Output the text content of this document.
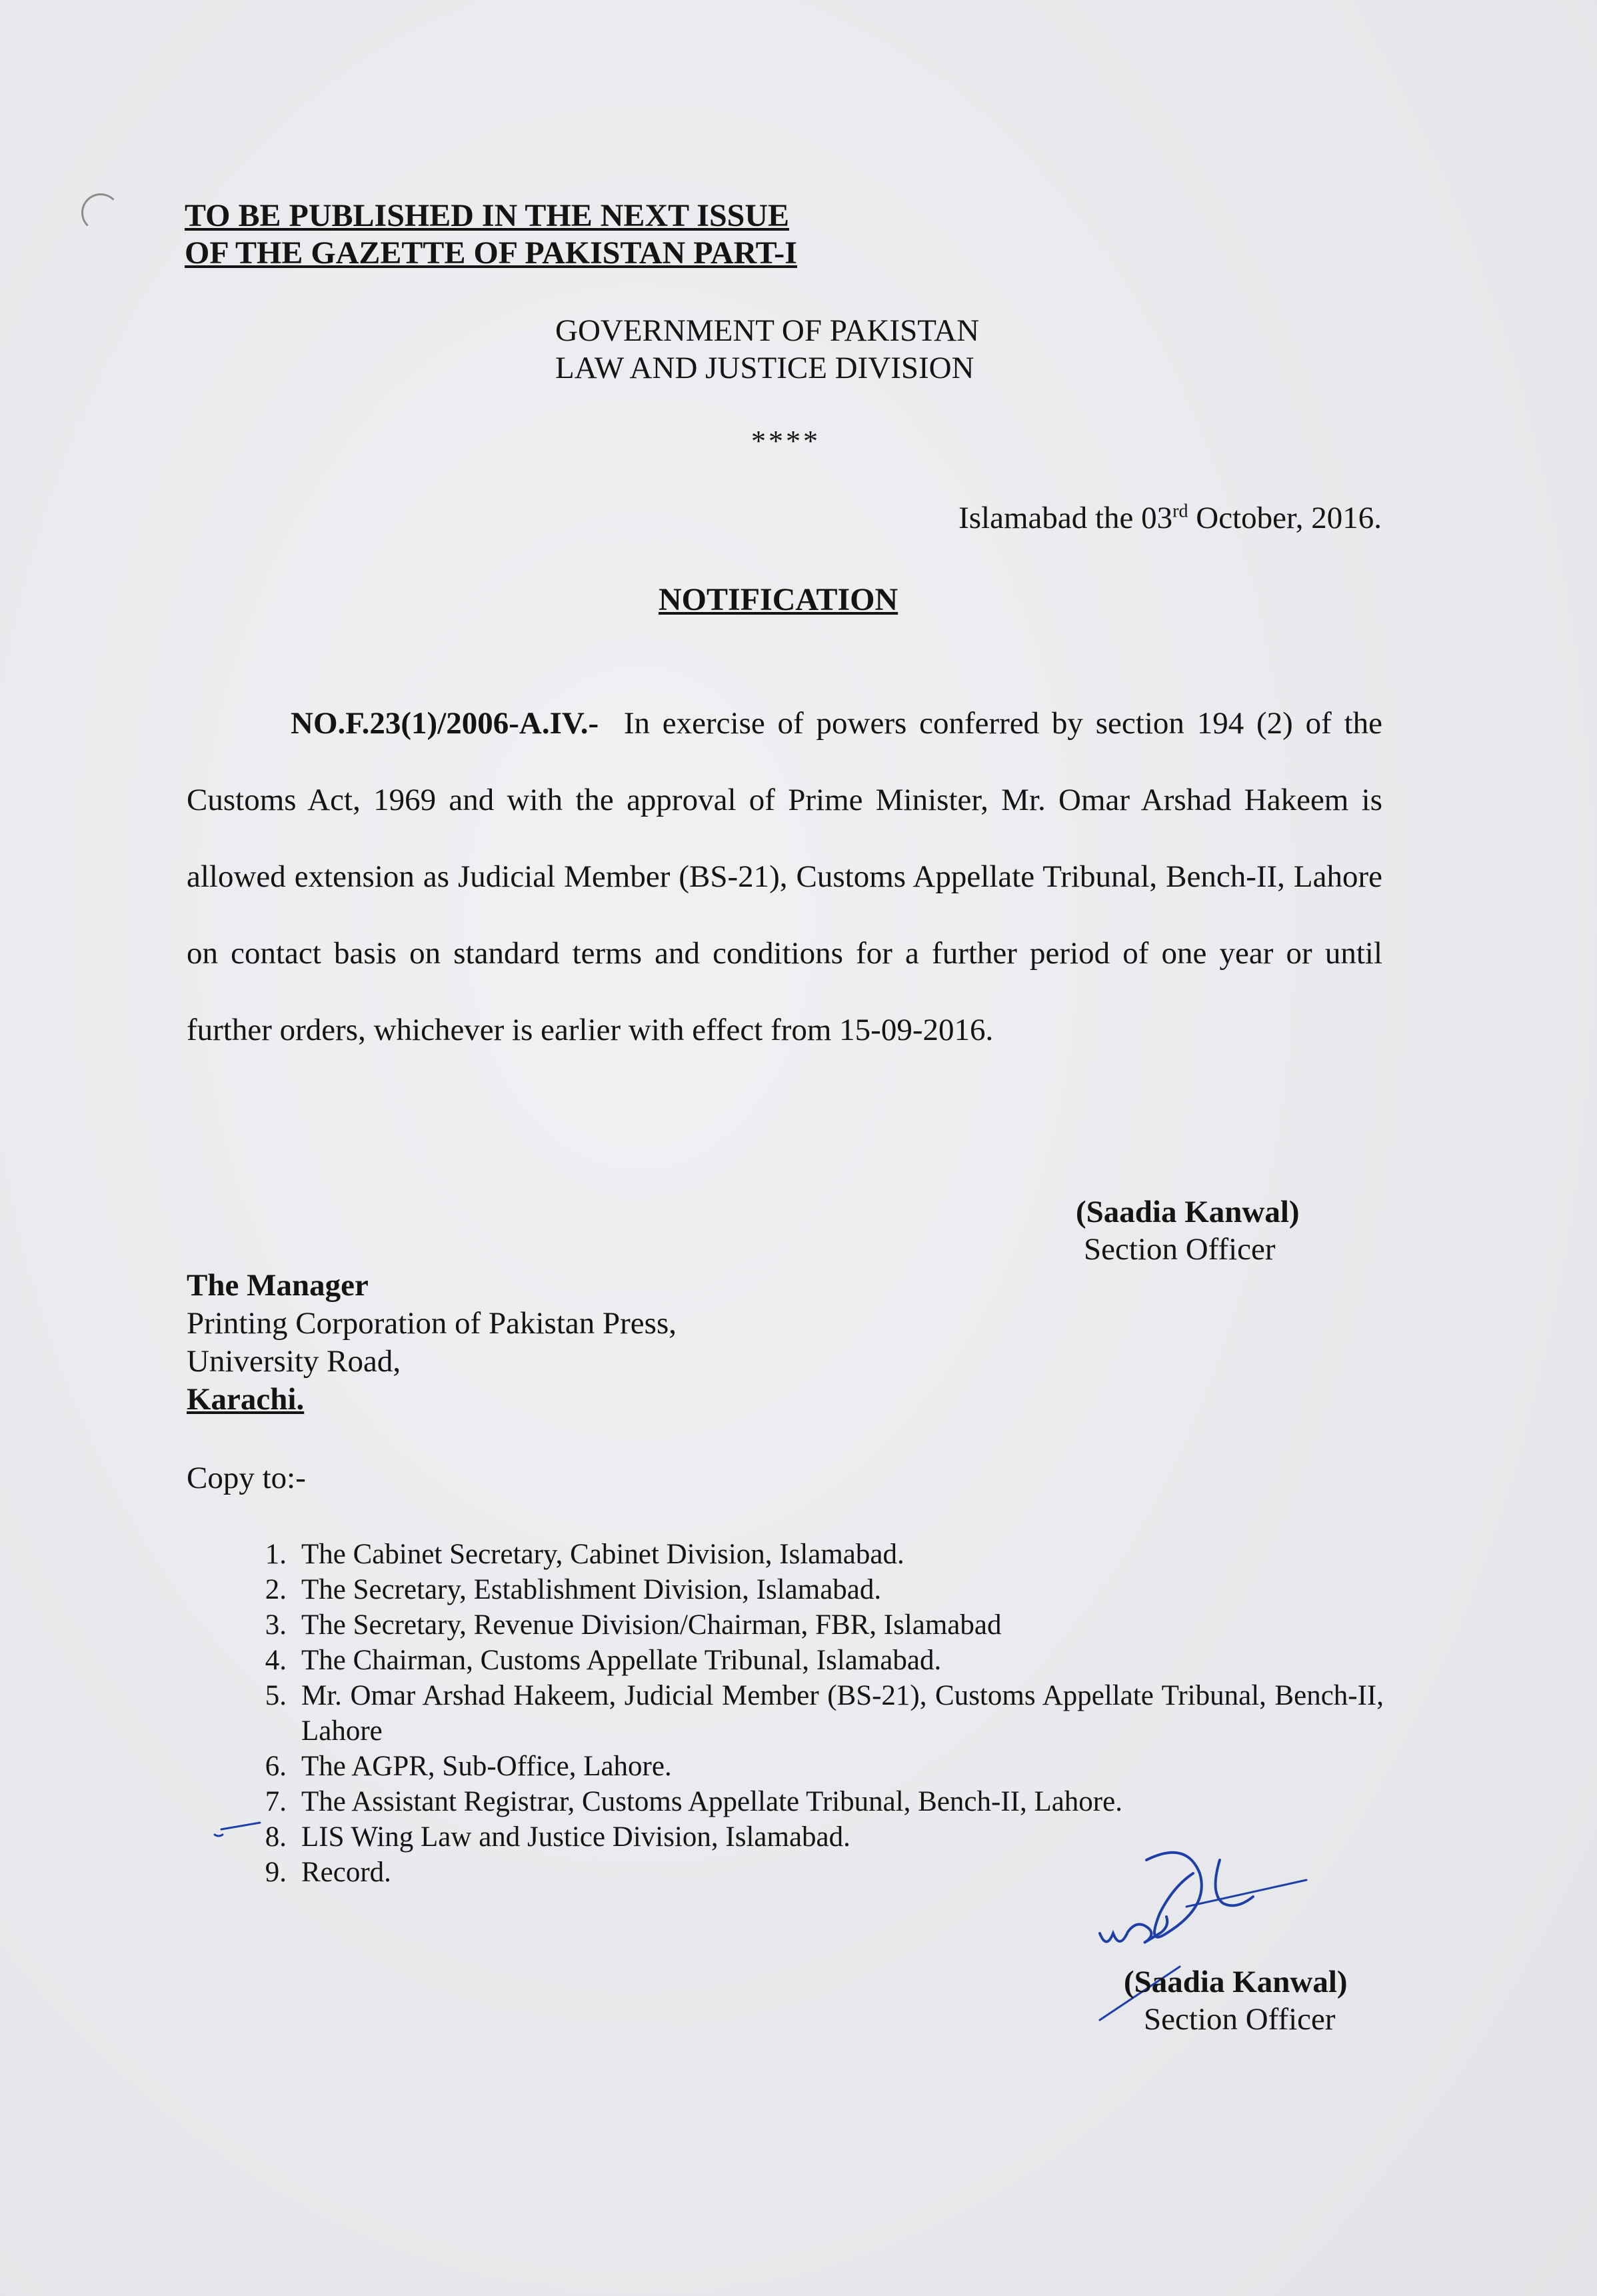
TO BE PUBLISHED IN THE NEXT ISSUE
OF THE GAZETTE OF PAKISTAN PART-I
GOVERNMENT OF PAKISTAN
LAW AND JUSTICE DIVISION
****
Islamabad the 03rd October, 2016.
NOTIFICATION
NO.F.23(1)/2006-A.IV.- In exercise of powers conferred by section 194 (2) of the Customs Act, 1969 and with the approval of Prime Minister, Mr. Omar Arshad Hakeem is allowed extension as Judicial Member (BS-21), Customs Appellate Tribunal, Bench-II, Lahore on contact basis on standard terms and conditions for a further period of one year or until further orders, whichever is earlier with effect from 15-09-2016.
(Saadia Kanwal)
Section Officer
The Manager
Printing Corporation of Pakistan Press,
University Road,
Karachi.
Copy to:-
1. The Cabinet Secretary, Cabinet Division, Islamabad.
2. The Secretary, Establishment Division, Islamabad.
3. The Secretary, Revenue Division/Chairman, FBR, Islamabad
4. The Chairman, Customs Appellate Tribunal, Islamabad.
5. Mr. Omar Arshad Hakeem, Judicial Member (BS-21), Customs Appellate Tribunal, Bench-II, Lahore
6. The AGPR, Sub-Office, Lahore.
7. The Assistant Registrar, Customs Appellate Tribunal, Bench-II, Lahore.
8. LIS Wing Law and Justice Division, Islamabad.
9. Record.
(Saadia Kanwal)
Section Officer
